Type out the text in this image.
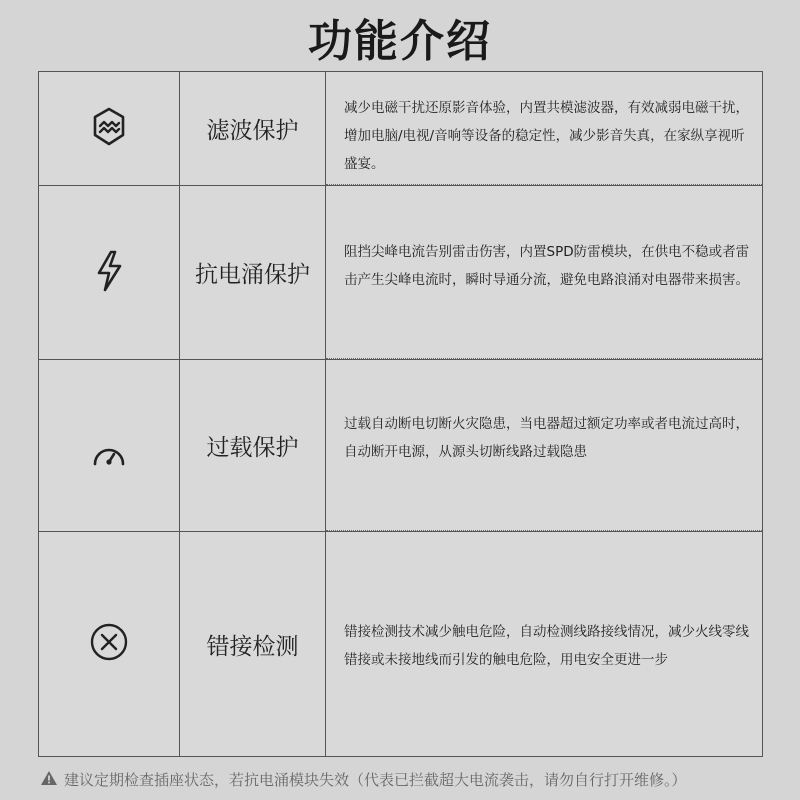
功能介绍
滤波保护
减少电磁干扰还原影音体验，内置共模滤波器，有效减弱电磁干扰，增加电脑/电视/音响等设备的稳定性，减少影音失真，在家纵享视听盛宴。
抗电涌保护
阻挡尖峰电流告别雷击伤害，内置SPD防雷模块，在供电不稳或者雷击产生尖峰电流时，瞬时导通分流，避免电路浪涌对电器带来损害。
过载保护
过载自动断电切断火灾隐患，当电器超过额定功率或者电流过高时，自动断开电源，从源头切断线路过载隐患
错接检测
错接检测技术减少触电危险，自动检测线路接线情况，减少火线零线错接或未接地线而引发的触电危险，用电安全更进一步
建议定期检查插座状态，若抗电涌模块失效（代表已拦截超大电流袭击，请勿自行打开维修。）
